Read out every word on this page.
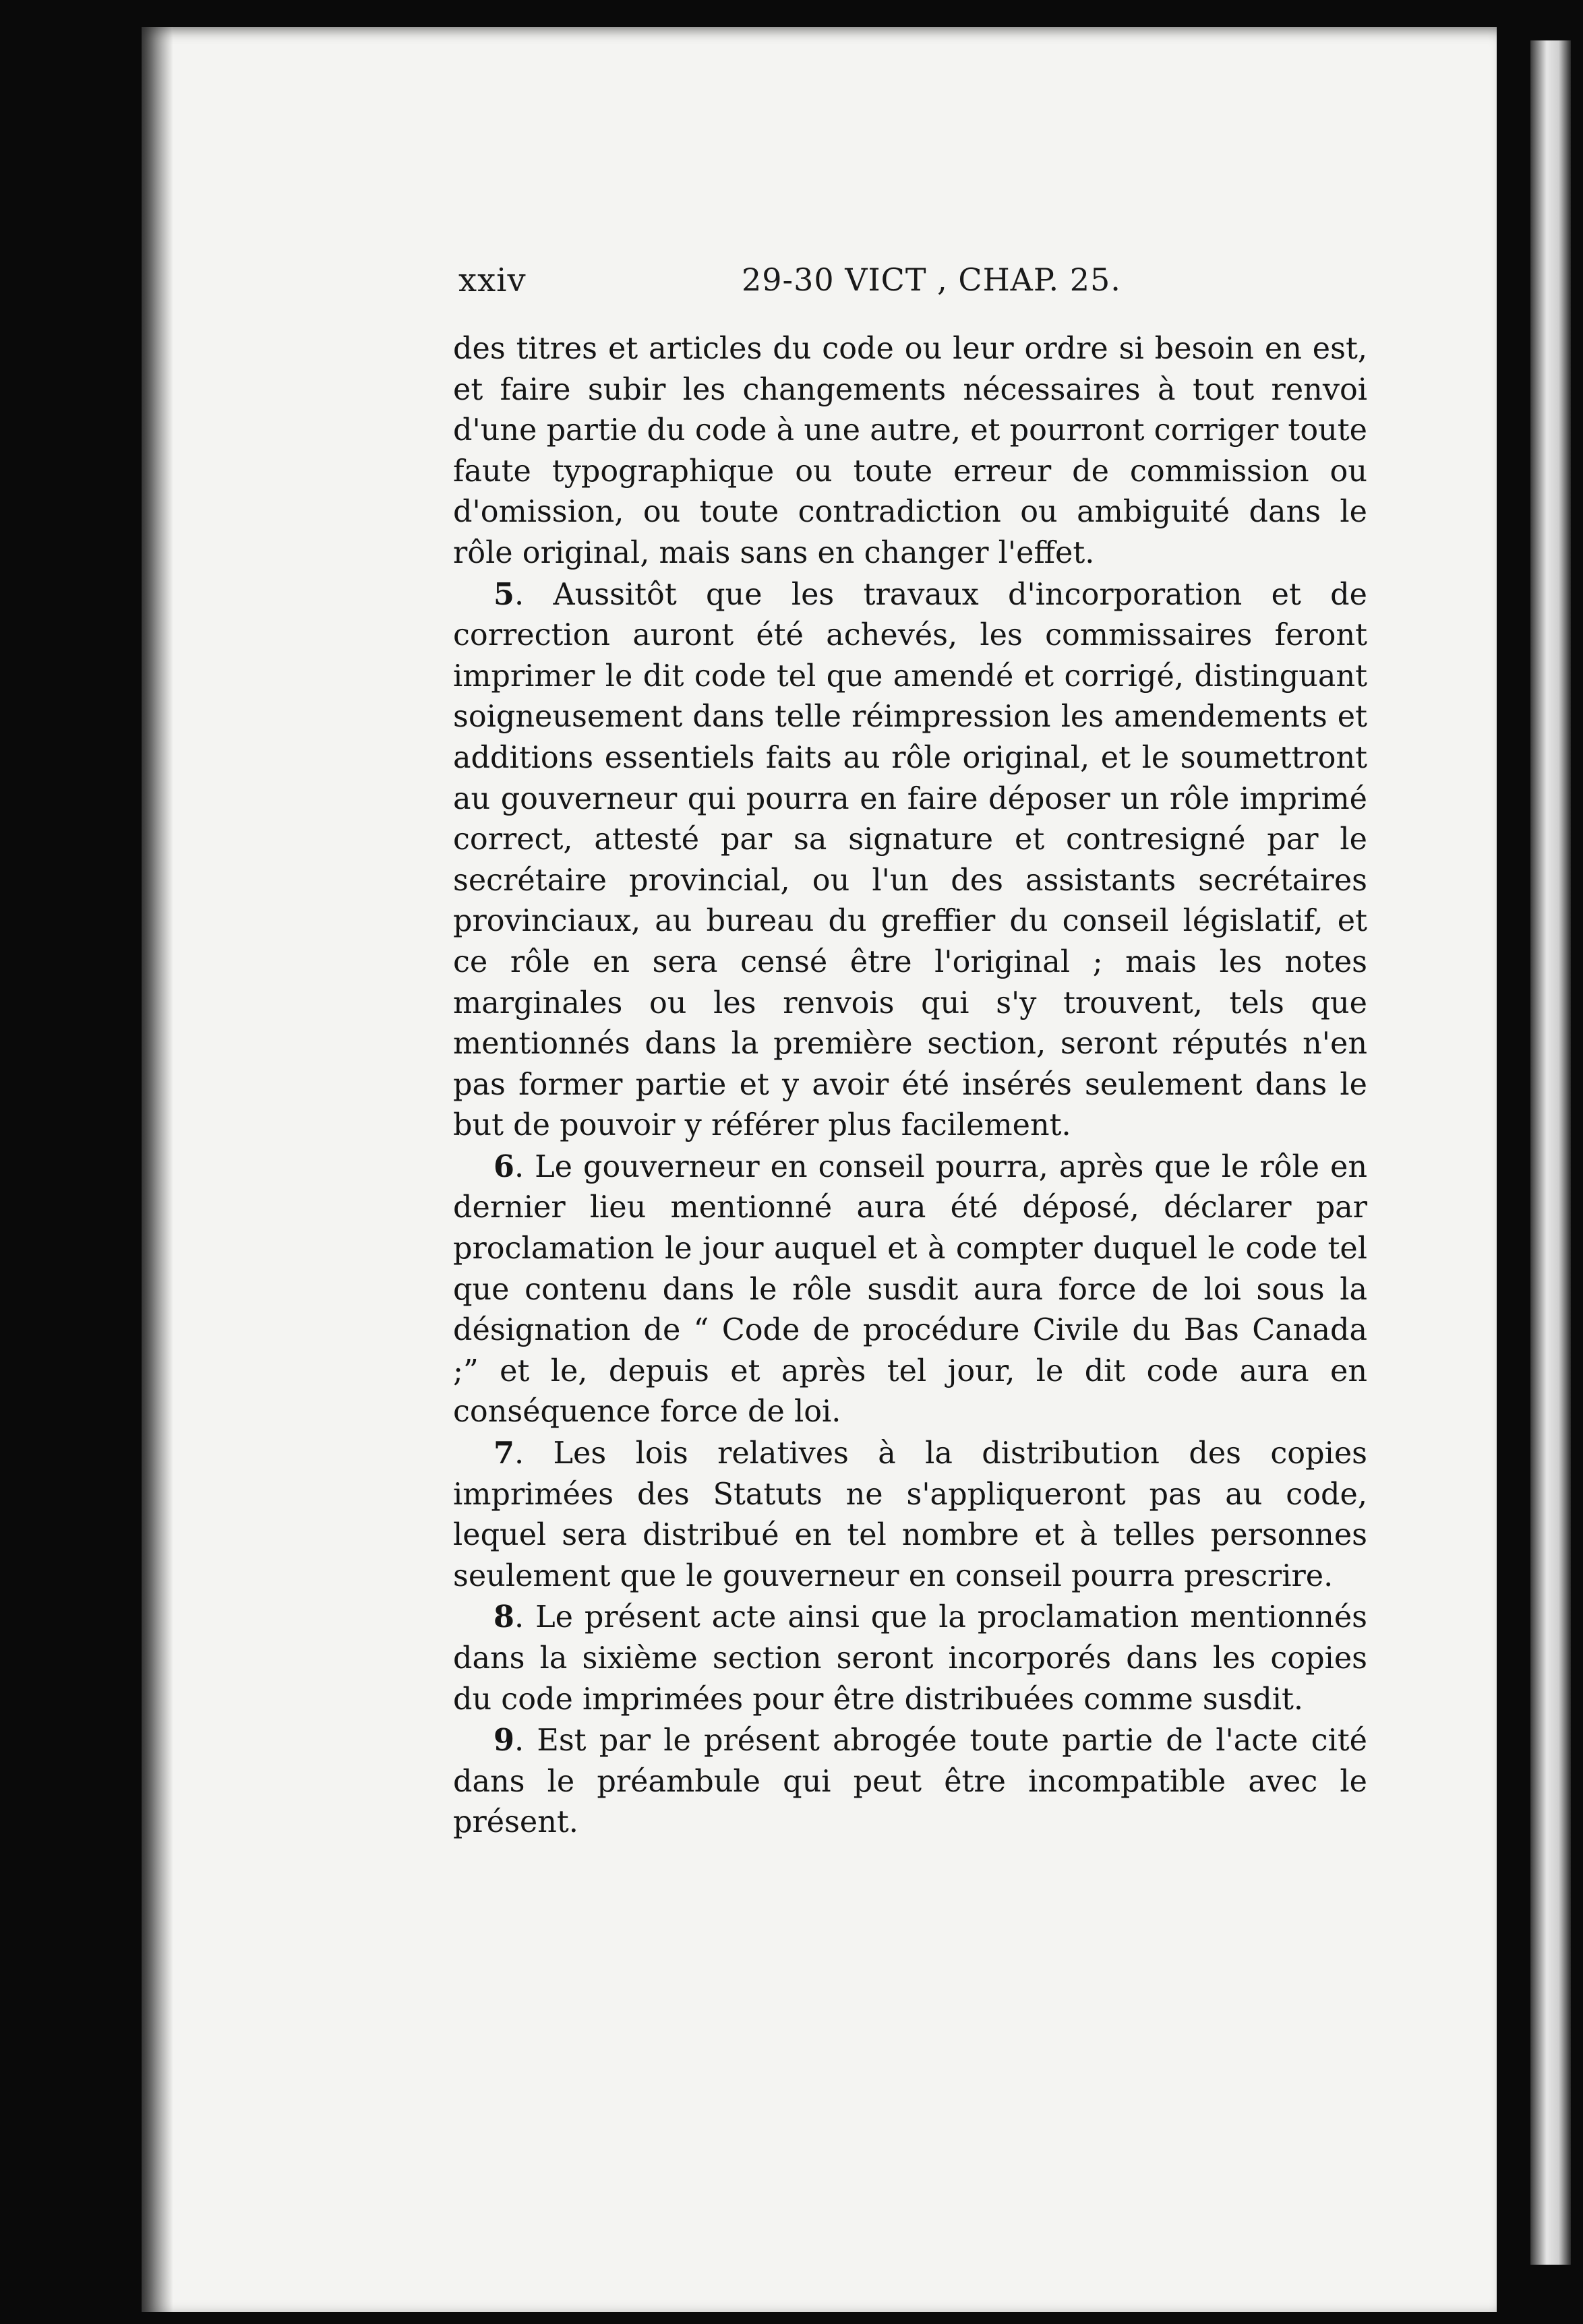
xxiv	29-30 VICT , CHAP. 25.

des titres et articles du code ou leur ordre si besoin en est, et faire subir les changements nécessaires à tout renvoi d'une partie du code à une autre, et pourront corriger toute faute typographique ou toute erreur de commission ou d'omission, ou toute contradiction ou ambiguité dans le rôle original, mais sans en changer l'effet.

5. Aussitôt que les travaux d'incorporation et de correction auront été achevés, les commissaires feront imprimer le dit code tel que amendé et corrigé, distinguant soigneusement dans telle réimpression les amendements et additions essentiels faits au rôle original, et le soumettront au gouverneur qui pourra en faire déposer un rôle imprimé correct, attesté par sa signature et contresigné par le secrétaire provincial, ou l'un des assistants secrétaires provinciaux, au bureau du greffier du conseil législatif, et ce rôle en sera censé être l'original ; mais les notes marginales ou les renvois qui s'y trouvent, tels que mentionnés dans la première section, seront réputés n'en pas former partie et y avoir été insérés seulement dans le but de pouvoir y référer plus facilement.

6. Le gouverneur en conseil pourra, après que le rôle en dernier lieu mentionné aura été déposé, déclarer par proclamation le jour auquel et à compter duquel le code tel que contenu dans le rôle susdit aura force de loi sous la désignation de “ Code de procédure Civile du Bas Canada ;” et le, depuis et après tel jour, le dit code aura en conséquence force de loi.

7. Les lois relatives à la distribution des copies imprimées des Statuts ne s'appliqueront pas au code, lequel sera distribué en tel nombre et à telles personnes seulement que le gouverneur en conseil pourra prescrire.

8. Le présent acte ainsi que la proclamation mentionnés dans la sixième section seront incorporés dans les copies du code imprimées pour être distribuées comme susdit.

9. Est par le présent abrogée toute partie de l'acte cité dans le préambule qui peut être incompatible avec le présent.
